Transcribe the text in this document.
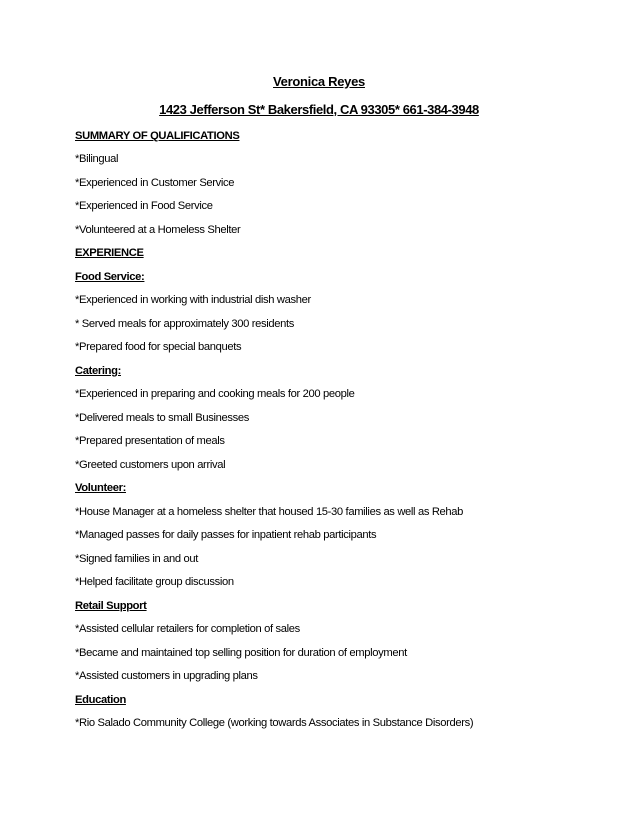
Veronica Reyes
1423 Jefferson St* Bakersfield, CA 93305* 661-384-3948
SUMMARY OF QUALIFICATIONS
*Bilingual
*Experienced in Customer Service
*Experienced in Food Service
*Volunteered at a Homeless Shelter
EXPERIENCE
Food Service:
*Experienced in working with industrial dish washer
* Served meals for approximately 300 residents
*Prepared food for special banquets
Catering:
*Experienced in preparing and cooking meals for 200 people
*Delivered meals to small Businesses
*Prepared presentation of meals
*Greeted customers upon arrival
Volunteer:
*House Manager at a homeless shelter that housed 15-30 families as well as Rehab
*Managed passes for daily passes for inpatient rehab participants
*Signed families in and out
*Helped facilitate group discussion
Retail Support
*Assisted cellular retailers for completion of sales
*Became and maintained top selling position for duration of employment
*Assisted customers in upgrading plans
Education
*Rio Salado Community College (working towards Associates in Substance Disorders)
